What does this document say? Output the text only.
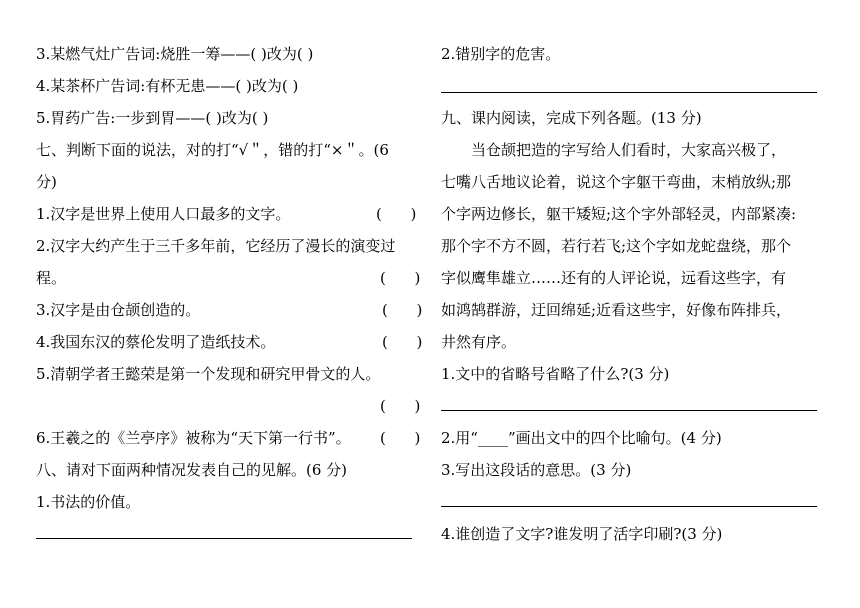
3.某燃气灶广告词:烧胜一筹——( )改为( )
4.某茶杯广告词:有杯无患——( )改为( )
5.胃药广告:一步到胃——( )改为( )
七、判断下面的说法，对的打“√＂，错的打“×＂。(6
分)
1.汉字是世界上使用人口最多的文字。	(      )
2.汉字大约产生于三千多年前，它经历了漫长的演变过
程。	(      )
3.汉字是由仓颉创造的。	(      )
4.我国东汉的蔡伦发明了造纸技术。	(      )
5.清朝学者王懿荣是第一个发现和研究甲骨文的人。
(      )
6.王羲之的《兰亭序》被称为“天下第一行书”。 (      )
八、请对下面两种情况发表自己的见解。(6 分)
1.书法的价值。
2.错别字的危害。
九、课内阅读，完成下列各题。(13 分)
当仓颉把造的字写给人们看时，大家高兴极了，
七嘴八舌地议论着，说这个字躯干弯曲，末梢放纵;那
个字两边修长，躯干矮短;这个字外部轻灵，内部紧凑:
那个字不方不圆，若行若飞;这个字如龙蛇盘绕，那个
字似鹰隼雄立……还有的人评论说，远看这些字，有
如鸿鹄群游，迂回绵延;近看这些宇，好像布阵排兵，
井然有序。
1.文中的省略号省略了什么?(3 分)
2.用“____”画出文中的四个比喻句。(4 分)
3.写出这段话的意思。(3 分)
4.谁创造了文字?谁发明了活字印刷?(3 分)
